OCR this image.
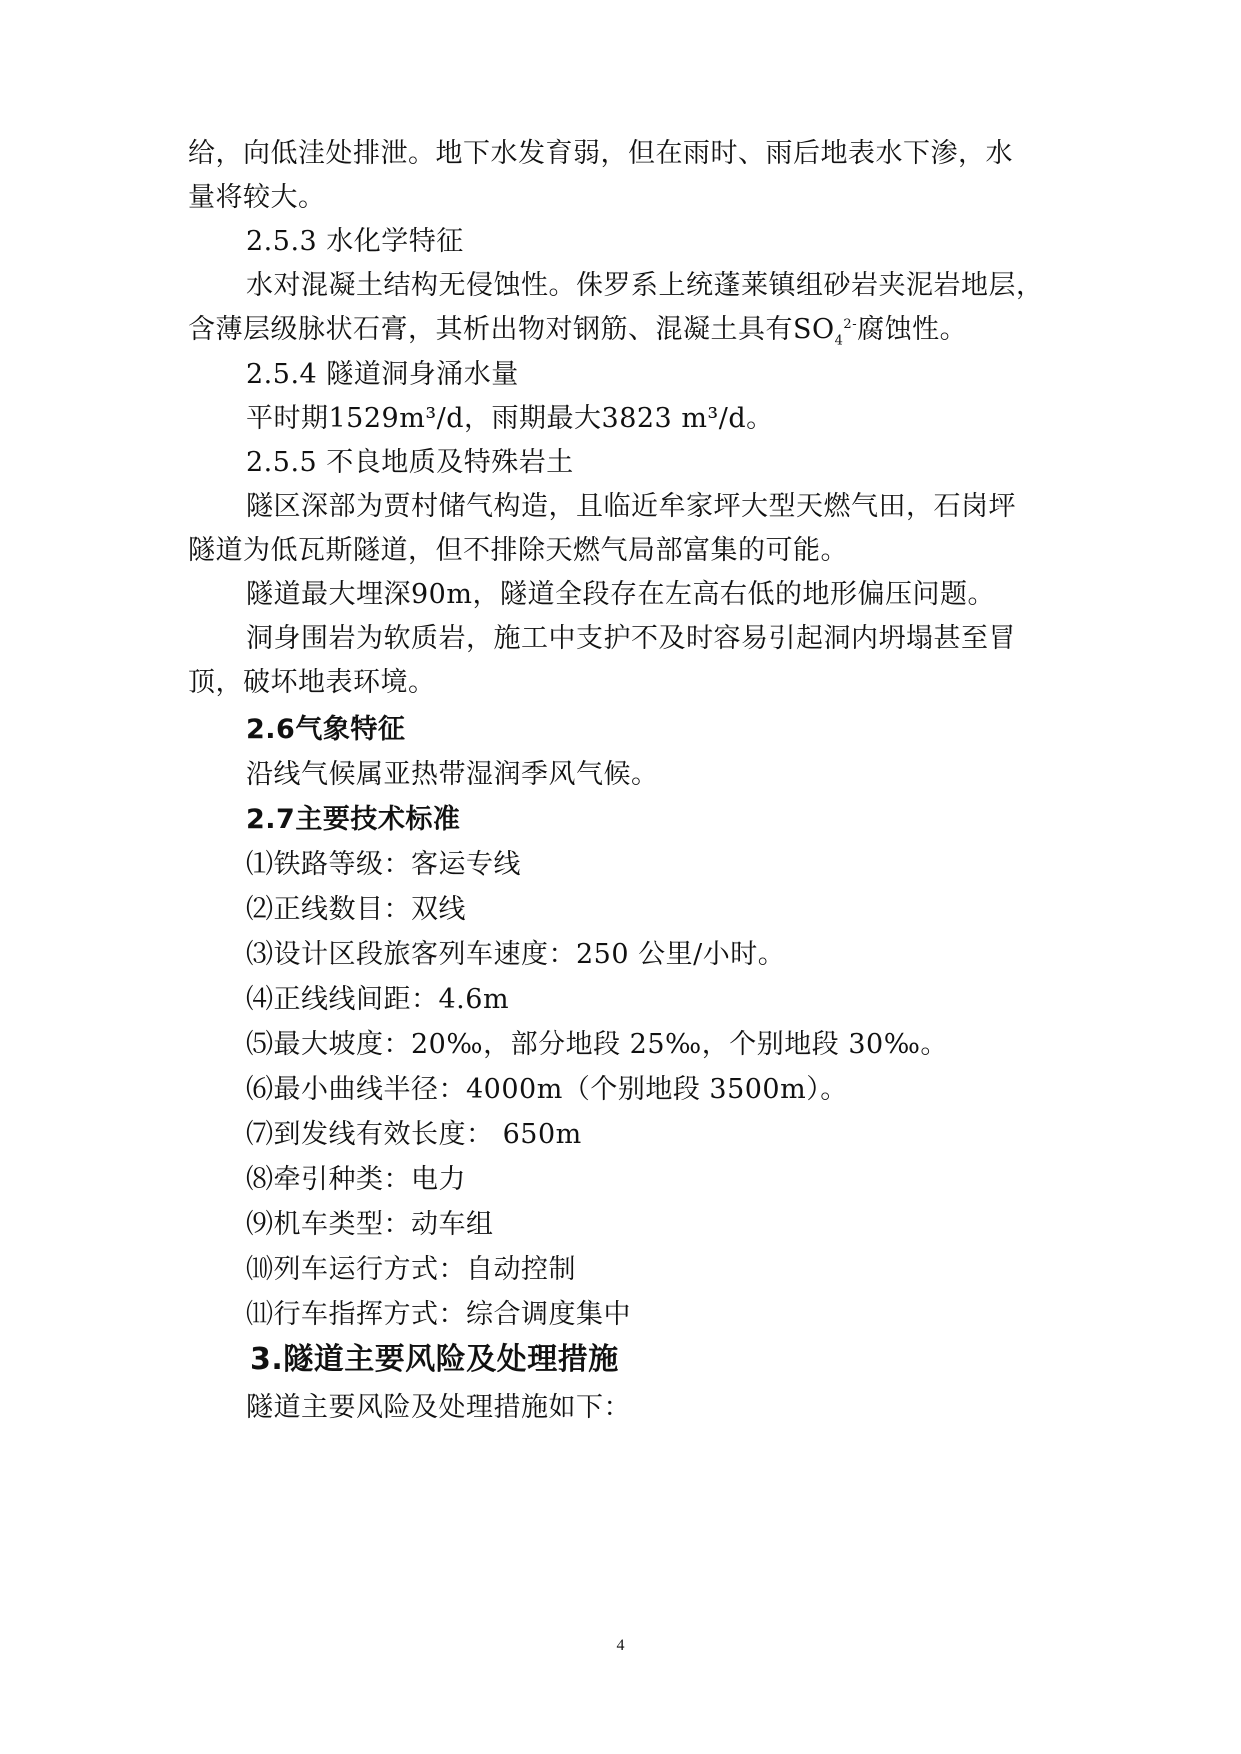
给，向低洼处排泄。地下水发育弱，但在雨时、雨后地表水下渗，水
量将较大。
2.5.3 水化学特征
水对混凝土结构无侵蚀性。侏罗系上统蓬莱镇组砂岩夹泥岩地层，
含薄层级脉状石膏，其析出物对钢筋、混凝土具有$SO_4^{2-}$腐蚀性。
2.5.4 隧道洞身涌水量
平时期1529m³/d，雨期最大3823 m³/d。
2.5.5 不良地质及特殊岩土
隧区深部为贾村储气构造，且临近牟家坪大型天燃气田，石岗坪
隧道为低瓦斯隧道，但不排除天燃气局部富集的可能。
隧道最大埋深90m，隧道全段存在左高右低的地形偏压问题。
洞身围岩为软质岩，施工中支护不及时容易引起洞内坍塌甚至冒
顶，破坏地表环境。
2.6气象特征
沿线气候属亚热带湿润季风气候。
2.7主要技术标准
⑴铁路等级：客运专线
⑵正线数目：双线
⑶设计区段旅客列车速度：250 公里/小时。
⑷正线线间距：4.6m
⑸最大坡度：20‰，部分地段 25‰，个别地段 30‰。
⑹最小曲线半径：4000m（个别地段 3500m）。
⑺到发线有效长度： 650m
⑻牵引种类：电力
⑼机车类型：动车组
⑽列车运行方式：自动控制
⑾行车指挥方式：综合调度集中
3.隧道主要风险及处理措施
隧道主要风险及处理措施如下：
4
